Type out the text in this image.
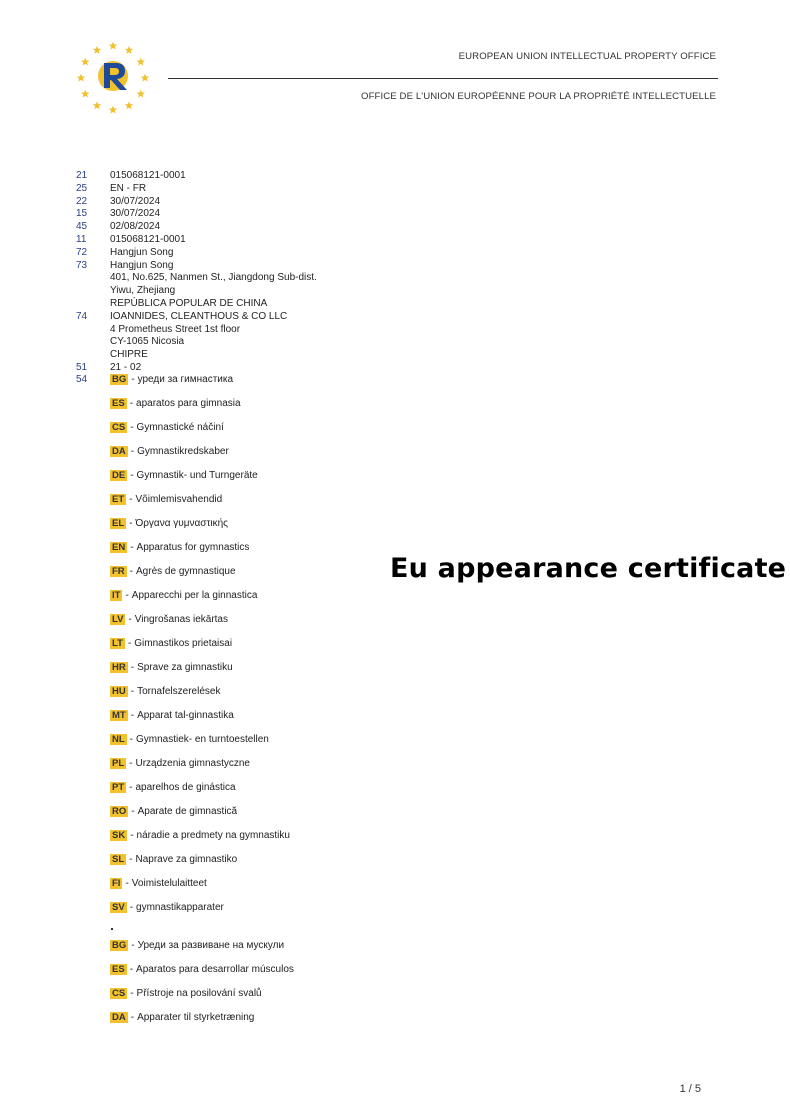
EUROPEAN UNION INTELLECTUAL PROPERTY OFFICE
OFFICE DE L'UNION EUROPÉENNE POUR LA PROPRIÉTÉ INTELLECTUELLE
21	015068121-0001
25	EN - FR
22	30/07/2024
15	30/07/2024
45	02/08/2024
11	015068121-0001
72	Hangjun Song
73	Hangjun Song
401, No.625, Nanmen St., Jiangdong Sub-dist.
Yiwu, Zhejiang
REPÚBLICA POPULAR DE CHINA
74	IOANNIDES, CLEANTHOUS & CO LLC
4 Prometheus Street 1st floor
CY-1065 Nicosia
CHIPRE
51	21 - 02
54	BG - уреди за гимнастика
ES - aparatos para gimnasia
CS - Gymnastické náčiní
DA - Gymnastikredskaber
DE - Gymnastik- und Turngeräte
ET - Võimlemisvahendid
EL - Όργανα γυμναστικής
EN - Apparatus for gymnastics
FR - Agrès de gymnastique
IT - Apparecchi per la ginnastica
LV - Vingrošanas iekārtas
LT - Gimnastikos prietaisai
HR - Sprave za gimnastiku
HU - Tornafelszerelések
MT - Apparat tal-ginnastika
NL - Gymnastiek- en turntoestellen
PL - Urządzenia gimnastyczne
PT - aparelhos de ginástica
RO - Aparate de gimnastică
SK - náradie a predmety na gymnastiku
SL - Naprave za gimnastiko
FI - Voimistelulaitteet
SV - gymnastikapparater
BG - Уреди за развиване на мускули
ES - Aparatos para desarrollar músculos
CS - Přístroje na posilování svalů
DA - Apparater til styrketræning
Eu appearance certificate
1 / 5
